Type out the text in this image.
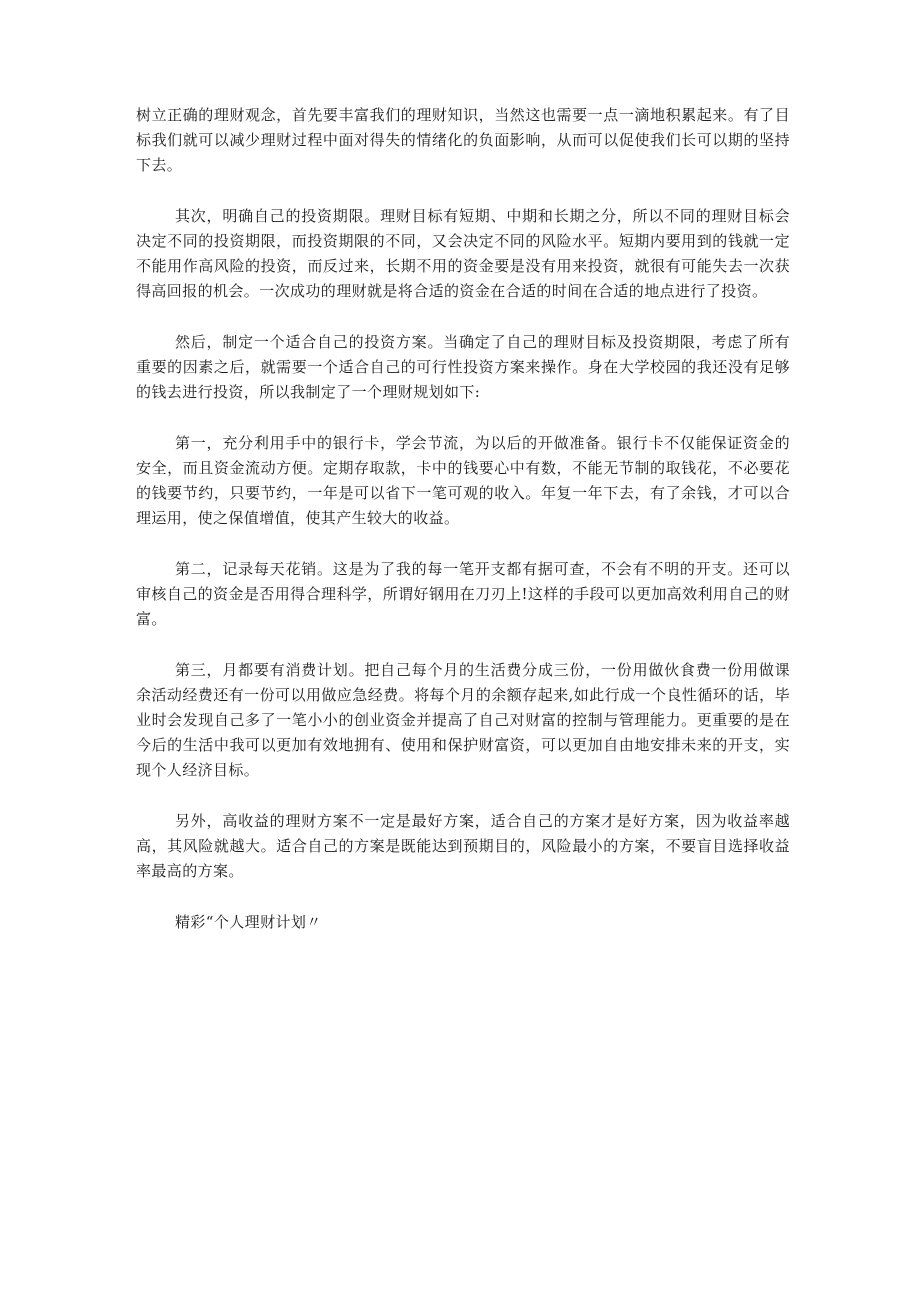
树立正确的理财观念，首先要丰富我们的理财知识，当然这也需要一点一滴地积累起来。有了目标我们就可以减少理财过程中面对得失的情绪化的负面影响，从而可以促使我们长可以期的坚持下去。

其次，明确自己的投资期限。理财目标有短期、中期和长期之分，所以不同的理财目标会决定不同的投资期限，而投资期限的不同，又会决定不同的风险水平。短期内要用到的钱就一定不能用作高风险的投资，而反过来，长期不用的资金要是没有用来投资，就很有可能失去一次获得高回报的机会。一次成功的理财就是将合适的资金在合适的时间在合适的地点进行了投资。

然后，制定一个适合自己的投资方案。当确定了自己的理财目标及投资期限，考虑了所有重要的因素之后，就需要一个适合自己的可行性投资方案来操作。身在大学校园的我还没有足够的钱去进行投资，所以我制定了一个理财规划如下:

第一，充分利用手中的银行卡，学会节流，为以后的开做准备。银行卡不仅能保证资金的安全，而且资金流动方便。定期存取款，卡中的钱要心中有数，不能无节制的取钱花，不必要花的钱要节约，只要节约，一年是可以省下一笔可观的收入。年复一年下去，有了余钱，才可以合理运用，使之保值增值，使其产生较大的收益。

第二，记录每天花销。这是为了我的每一笔开支都有据可查，不会有不明的开支。还可以审核自己的资金是否用得合理科学，所谓好钢用在刀刃上!这样的手段可以更加高效利用自己的财富。

第三，月都要有消费计划。把自己每个月的生活费分成三份，一份用做伙食费一份用做课余活动经费还有一份可以用做应急经费。将每个月的余额存起来,如此行成一个良性循环的话，毕业时会发现自己多了一笔小小的创业资金并提高了自己对财富的控制与管理能力。更重要的是在今后的生活中我可以更加有效地拥有、使用和保护财富资，可以更加自由地安排未来的开支，实现个人经济目标。

另外，高收益的理财方案不一定是最好方案，适合自己的方案才是好方案，因为收益率越高，其风险就越大。适合自己的方案是既能达到预期目的，风险最小的方案，不要盲目选择收益率最高的方案。

精彩“个人理财计划〃
